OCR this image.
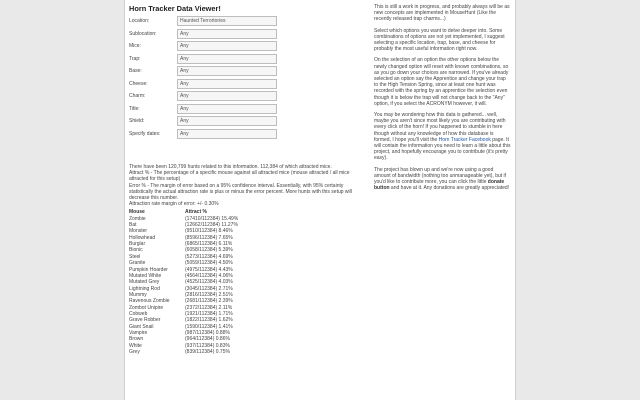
Horn Tracker Data Viewer!
Location:	Haunted Terrortories
Sublocation:	Any
Mice:	Any
Trap:	Any
Base:	Any
Cheese:	Any
Charm:	Any
Title:	Any
Shield:	Any
Specify dates:	Any

There have been 120,799 hunts related to this information. 112,384 of which attracted mice.

Attract % - The percentage of a specific mouse against all attracted mice (mouse attracted / all mice attracted for this setup)

Error % - The margin of error based on a 95% confidence interval. Essentially, with 95% certainty statistically the actual attraction rate is plus or minus the error percent. More hunts with this setup will decrease this number.

Attraction rate margin of error: +/- 0.30%

Mouse	Attract %
Zombie	(17410/112384) 15.49%
Bat	(12662/112384) 11.27%
Monster	(9510/112384) 8.46%
Hollowhead	(8596/112384) 7.65%
Burglar	(6865/112384) 6.11%
Bionic	(6058/112384) 5.39%
Steel	(5273/112384) 4.69%
Granite	(5059/112384) 4.50%
Pumpkin Hoarder	(4975/112384) 4.43%
Mutated White	(4564/112384) 4.06%
Mutated Grey	(4525/112384) 4.03%
Lightning Rod	(3045/112384) 2.71%
Mummy	(2816/112384) 2.51%
Ravenous Zombie	(2681/112384) 2.39%
Zombot Unipire	(2372/112384) 2.11%
Cobweb	(1921/112384) 1.71%
Grave Robber	(1822/112384) 1.62%
Giant Snail	(1590/112384) 1.41%
Vampire	(987/112384) 0.88%
Brown	(964/112384) 0.86%
White	(937/112384) 0.83%
Grey	(839/112384) 0.75%

This is still a work in progress, and probably always will be as new concepts are implemented in MouseHunt (Like the recently released trap charms...)

Select which options you want to delve deeper into. Some combinations of options are not yet implemented, I suggest selecting a specific location, trap, base, and cheese for probably the most useful information right now.

On the selection of an option the other options below the newly changed option will reset with known combinations, so as you go down your choices are narrowed. If you've already selected an option say the Apprentice and change your trap to the High Tension Spring, since at least one hunt was recorded with the spring by an apprentice the selection even though it is below the trap will not change back to the "Any" option, if you select the ACRONYM however, it will.

You may be wondering how this data is gathered... well, maybe you aren't since most likely you are contributing with every click of the horn! If you happened to stumble in here though without any knowledge of how this database is formed, I hope you'll visit the Horn Tracker Facebook page. It will contain the information you need to learn a little about this project, and hopefully encourage you to contribute (it's pretty easy).

The project has blown up and we're now using a good amount of bandwidth (nothing too unmanageable yet), but if you'd like to contribute more, you can click the little donate button and have at it. Any donations are greatly appreciated!
